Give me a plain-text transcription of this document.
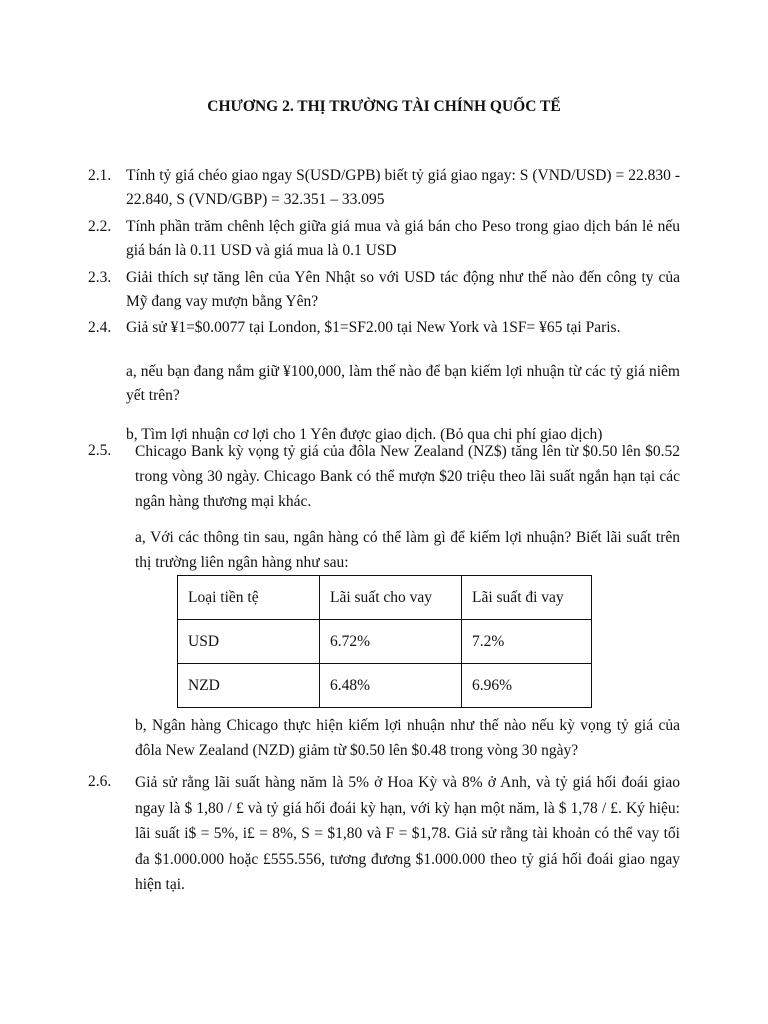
CHƯƠNG 2. THỊ TRƯỜNG TÀI CHÍNH QUỐC TẾ
2.1. Tính tỷ giá chéo giao ngay S(USD/GPB) biết tỷ giá giao ngay: S (VND/USD) = 22.830 - 22.840, S (VND/GBP) = 32.351 – 33.095
2.2. Tính phần trăm chênh lệch giữa giá mua và giá bán cho Peso trong giao dịch bán lẻ nếu giá bán là 0.11 USD và giá mua là 0.1 USD
2.3. Giải thích sự tăng lên của Yên Nhật so với USD tác động như thế nào đến công ty của Mỹ đang vay mượn bằng Yên?
2.4. Giả sử ¥1=$0.0077 tại London, $1=SF2.00 tại New York và 1SF= ¥65 tại Paris.

a, nếu bạn đang nắm giữ ¥100,000, làm thế nào để bạn kiếm lợi nhuận từ các tỷ giá niêm yết trên?

b, Tìm lợi nhuận cơ lợi cho 1 Yên được giao dịch. (Bỏ qua chi phí giao dịch)

2.5. Chicago Bank kỳ vọng tỷ giá của đôla New Zealand (NZ$) tăng lên từ $0.50 lên $0.52 trong vòng 30 ngày. Chicago Bank có thể mượn $20 triệu theo lãi suất ngắn hạn tại các ngân hàng thương mại khác.

a, Với các thông tin sau, ngân hàng có thể làm gì để kiếm lợi nhuận? Biết lãi suất trên thị trường liên ngân hàng như sau:

Loại tiền tệ	Lãi suất cho vay	Lãi suất đi vay
USD	6.72%	7.2%
NZD	6.48%	6.96%

b, Ngân hàng Chicago thực hiện kiếm lợi nhuận như thế nào nếu kỳ vọng tỷ giá của đôla New Zealand (NZD) giảm từ $0.50 lên $0.48 trong vòng 30 ngày?

2.6. Giả sử rằng lãi suất hàng năm là 5% ở Hoa Kỳ và 8% ở Anh, và tỷ giá hối đoái giao ngay là $ 1,80 / £ và tỷ giá hối đoái kỳ hạn, với kỳ hạn một năm, là $ 1,78 / £. Ký hiệu: lãi suất i$ = 5%, i£ = 8%, S = $1,80 và F = $1,78. Giả sử rằng tài khoản có thể vay tối đa $1.000.000 hoặc £555.556, tương đương $1.000.000 theo tỷ giá hối đoái giao ngay hiện tại.
